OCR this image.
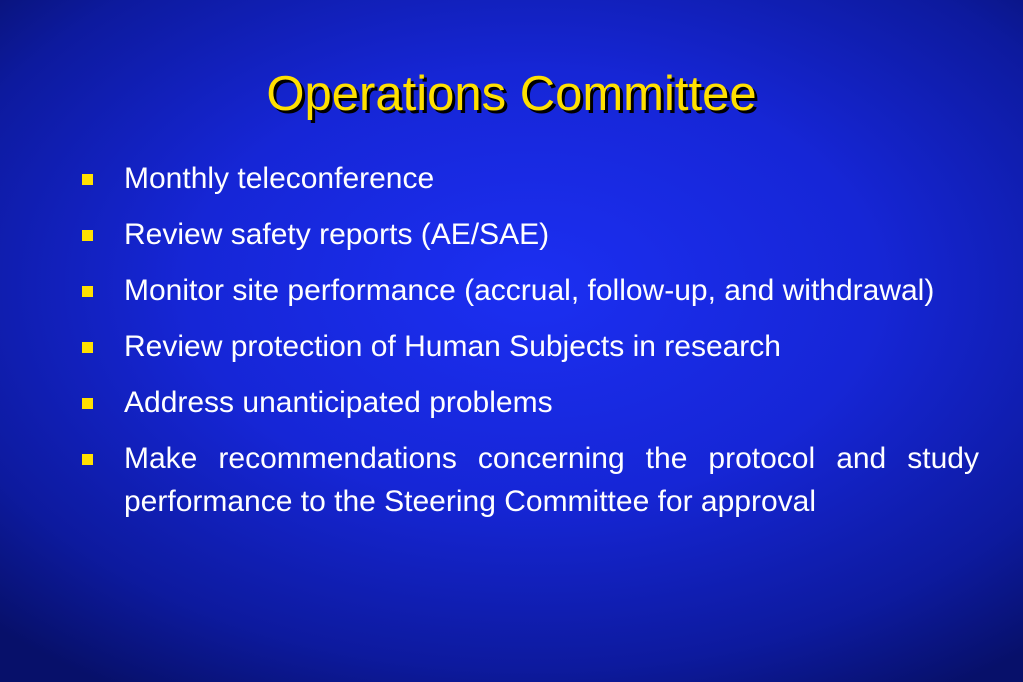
Operations Committee
Monthly teleconference
Review safety reports (AE/SAE)
Monitor site performance (accrual, follow-up, and withdrawal)
Review protection of Human Subjects in research
Address unanticipated problems
Make recommendations concerning the protocol and study performance to the Steering Committee for approval
